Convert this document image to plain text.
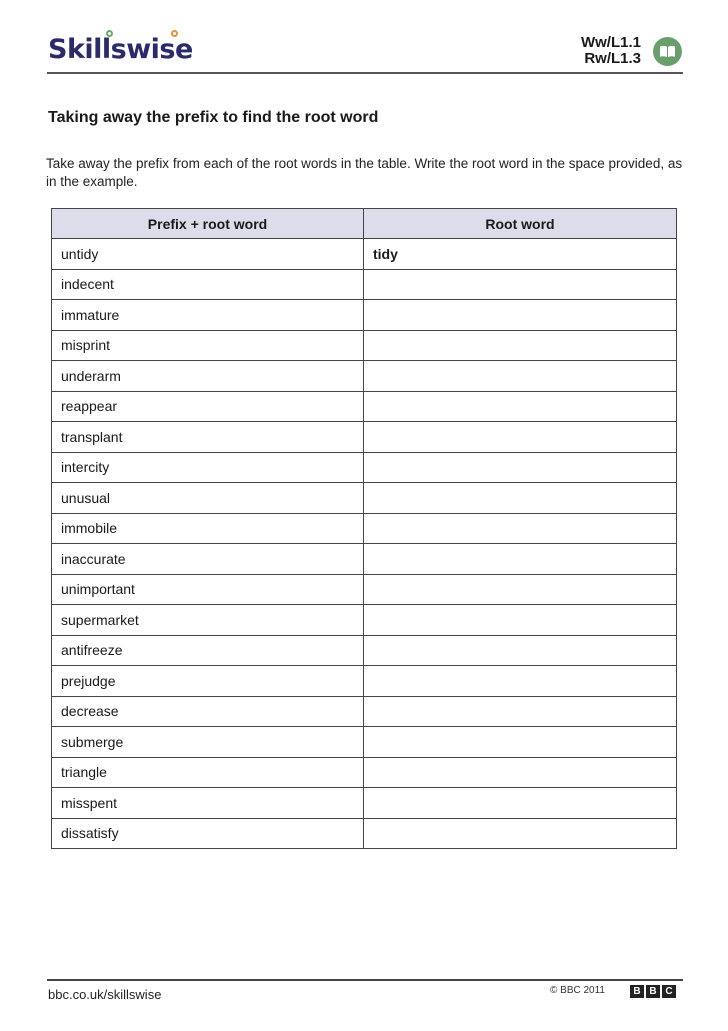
Skillswise	Ww/L1.1
Rw/L1.3
Taking away the prefix to find the root word
Take away the prefix from each of the root words in the table. Write the root word in the space provided, as in the example.
Prefix + root word	Root word
untidy	tidy
indecent	
immature	
misprint	
underarm	
reappear	
transplant	
intercity	
unusual	
immobile	
inaccurate	
unimportant	
supermarket	
antifreeze	
prejudge	
decrease	
submerge	
triangle	
misspent	
dissatisfy	
bbc.co.uk/skillswise	© BBC 2011	B B C
